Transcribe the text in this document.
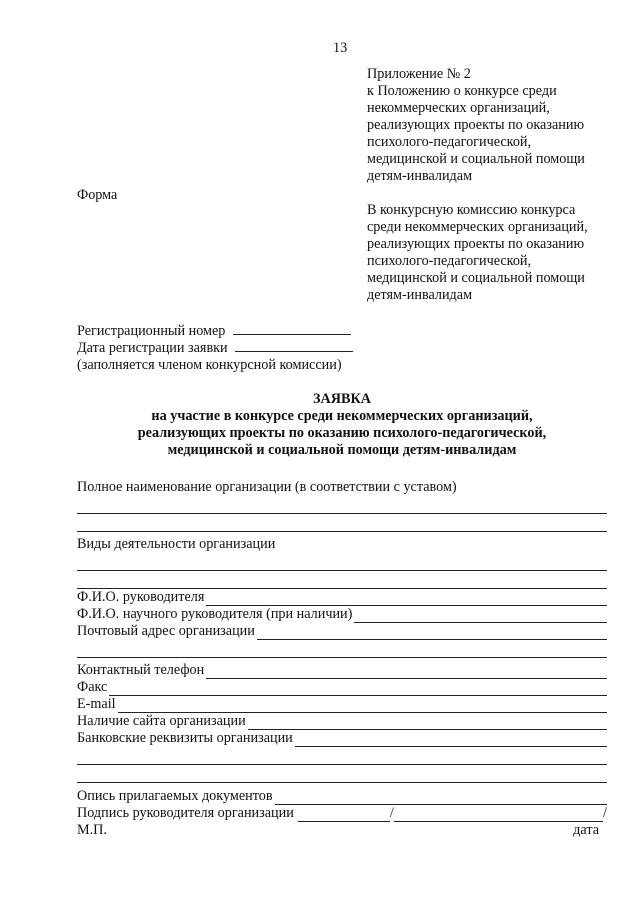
13
Приложение № 2
к Положению о конкурсе среди
некоммерческих организаций,
реализующих проекты по оказанию
психолого-педагогической,
медицинской и социальной помощи
детям-инвалидам
Форма
В конкурсную комиссию конкурса
среди некоммерческих организаций,
реализующих проекты по оказанию
психолого-педагогической,
медицинской и социальной помощи
детям-инвалидам
Регистрационный номер
Дата регистрации заявки
(заполняется членом конкурсной комиссии)
ЗАЯВКА
на участие в конкурсе среди некоммерческих организаций,
реализующих проекты по оказанию психолого-педагогической,
медицинской и социальной помощи детям-инвалидам
Полное наименование организации (в соответствии с уставом)
Виды деятельности организации
Ф.И.О. руководителя
Ф.И.О. научного руководителя (при наличии)
Почтовый адрес организации
Контактный телефон
Факс
E-mail
Наличие сайта организации
Банковские реквизиты организации
Опись прилагаемых документов
Подпись руководителя организации	/	/
М.П.	дата
